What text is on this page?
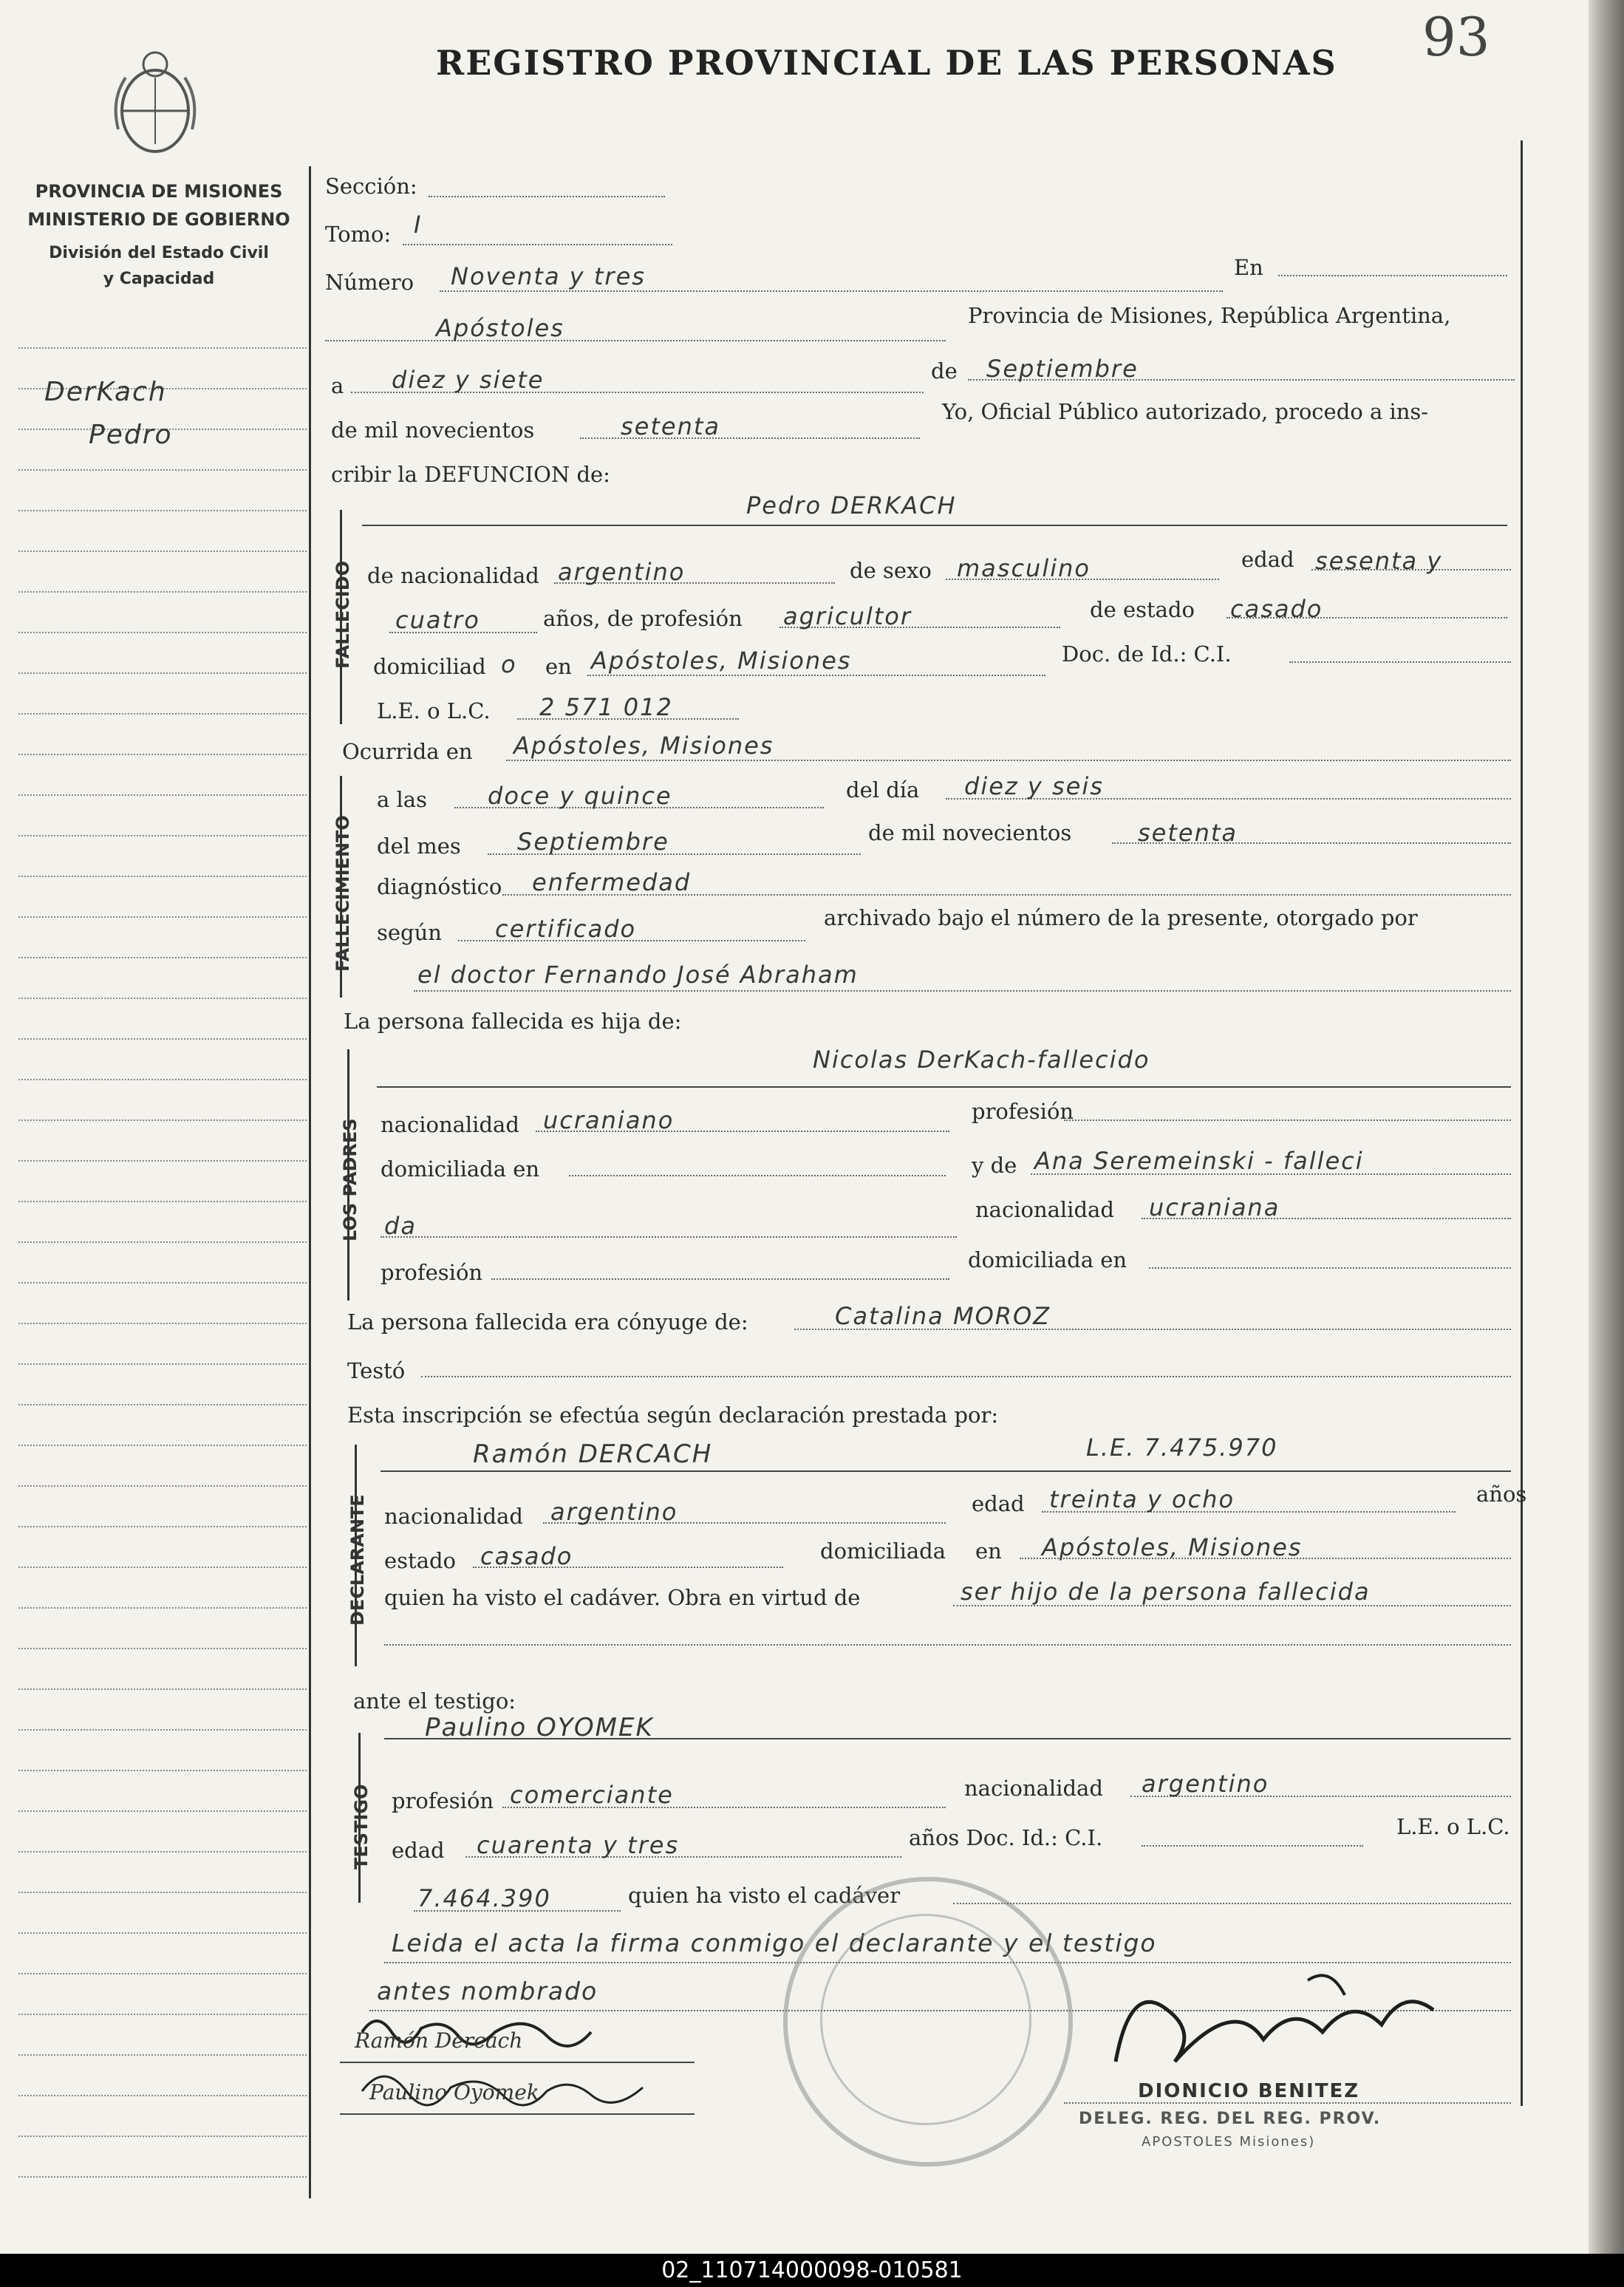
REGISTRO PROVINCIAL DE LAS PERSONAS 93
PROVINCIA DE MISIONES
MINISTERIO DE GOBIERNO
División del Estado Civil
y Capacidad
DerKach
Pedro
Sección:
Tomo: I
Número Noventa y tres	En
Apóstoles	Provincia de Misiones, República Argentina,
a diez y siete	de Septiembre
de mil novecientos	setenta
Yo, Oficial Público autorizado, procedo a ins-
cribir la DEFUNCION de:
FALLECIDO
Pedro DERKACH
de nacionalidad argentino	de sexo masculino	edad sesenta y
cuatro	años, de profesión agricultor	de estado casado
domiciliad o en Apóstoles, Misiones	Doc. de Id.: C.I.
L.E. o L.C. 2 571 012
Ocurrida en Apóstoles, Misiones
FALLECIMIENTO
a las	doce y quince	del día diez y seis
del mes Septiembre	de mil novecientos	setenta
diagnóstico enfermedad
según certificado	archivado bajo el número de la presente, otorgado por
el doctor Fernando José Abraham
La persona fallecida es hija de:
LOS PADRES
Nicolas DerKach-fallecido
nacionalidad ucraniano	profesión
domiciliada en	y de Ana Seremeinski - falleci
da
nacionalidad ucraniana
profesión	domiciliada en
La persona fallecida era cónyuge de:	Catalina MOROZ
Testó
Esta inscripción se efectúa según declaración prestada por:
DECLARANTE
Ramón DERCACH	L.E. 7.475.970
nacionalidad argentino	edad treinta y ocho	años
estado casado	domiciliada en Apóstoles, Misiones
quien ha visto el cadáver. Obra en virtud de	ser hijo de la persona fallecida
ante el testigo:
TESTIGO
Paulino OYOMEK
profesión comerciante	nacionalidad argentino
edad cuarenta y tres	años Doc. Id.: C.I.	L.E. o L.C.
7.464.390	quien ha visto el cadáver
Leida el acta la firma conmigo el declarante y el testigo
antes nombrado
Ramón Dercach
Paulino Oyomek	DIONICIO BENITEZ
DELEG. REG. DEL REG. PROV.
APOSTOLES Misiones)
02_110714000098-010581
